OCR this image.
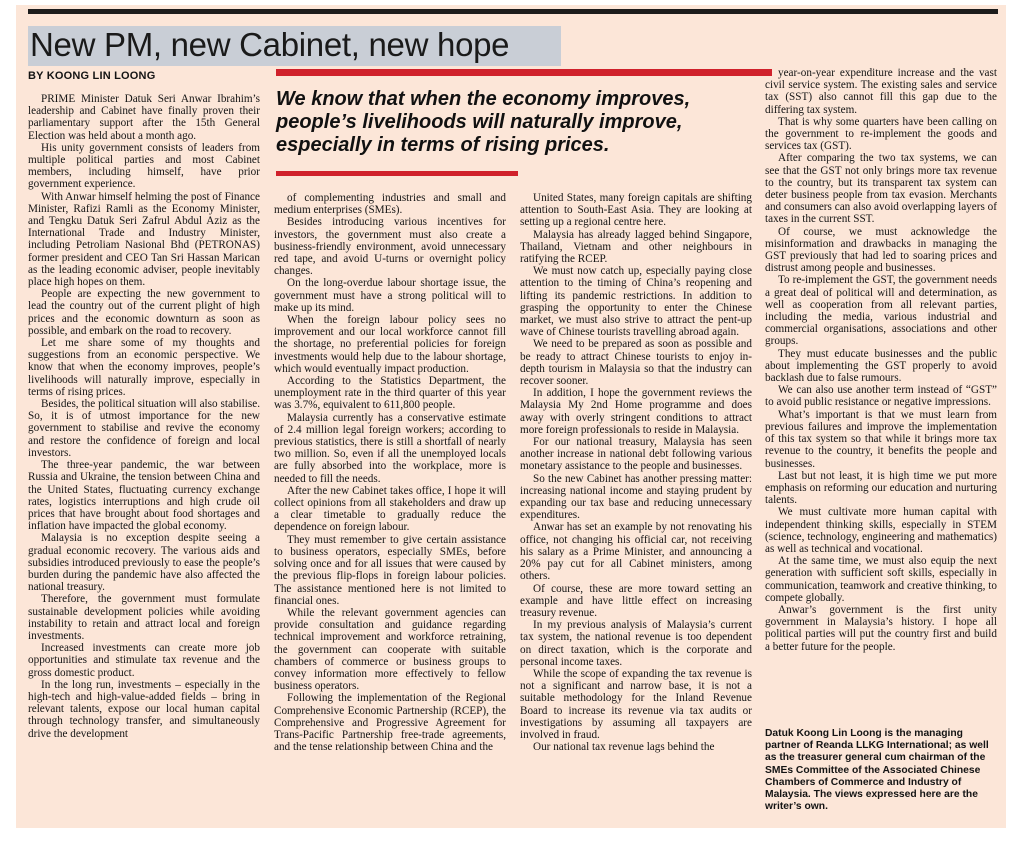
New PM, new Cabinet, new hope
BY KOONG LIN LOONG

We know that when the economy improves, people’s livelihoods will naturally improve, especially in terms of rising prices.

PRIME Minister Datuk Seri Anwar Ibrahim’s leadership and Cabinet have finally proven their parliamentary support after the 15th General Election was held about a month ago.

His unity government consists of leaders from multiple political parties and most Cabinet members, including himself, have prior government experience.

With Anwar himself helming the post of Finance Minister, Rafizi Ramli as the Economy Minister, and Tengku Datuk Seri Zafrul Abdul Aziz as the International Trade and Industry Minister, including Petroliam Nasional Bhd (PETRONAS) former president and CEO Tan Sri Hassan Marican as the leading economic adviser, people inevitably place high hopes on them.

People are expecting the new government to lead the country out of the current plight of high prices and the economic downturn as soon as possible, and embark on the road to recovery.

Let me share some of my thoughts and suggestions from an economic perspective. We know that when the economy improves, people’s livelihoods will naturally improve, especially in terms of rising prices.

Besides, the political situation will also stabilise. So, it is of utmost importance for the new government to stabilise and revive the economy and restore the confidence of foreign and local investors.

The three-year pandemic, the war between Russia and Ukraine, the tension between China and the United States, fluctuating currency exchange rates, logistics interruptions and high crude oil prices that have brought about food shortages and inflation have impacted the global economy.

Malaysia is no exception despite seeing a gradual economic recovery. The various aids and subsidies introduced previously to ease the people’s burden during the pandemic have also affected the national treasury.

Therefore, the government must formulate sustainable development policies while avoiding instability to retain and attract local and foreign investments.

Increased investments can create more job opportunities and stimulate tax revenue and the gross domestic product.

In the long run, investments – especially in the high-tech and high-value-added fields – bring in relevant talents, expose our local human capital through technology transfer, and simultaneously drive the development

of complementing industries and small and medium enterprises (SMEs).

Besides introducing various incentives for investors, the government must also create a business-friendly environment, avoid unnecessary red tape, and avoid U-turns or overnight policy changes.

On the long-overdue labour shortage issue, the government must have a strong political will to make up its mind.

When the foreign labour policy sees no improvement and our local workforce cannot fill the shortage, no preferential policies for foreign investments would help due to the labour shortage, which would eventually impact production.

According to the Statistics Department, the unemployment rate in the third quarter of this year was 3.7%, equivalent to 611,800 people.

Malaysia currently has a conservative estimate of 2.4 million legal foreign workers; according to previous statistics, there is still a shortfall of nearly two million. So, even if all the unemployed locals are fully absorbed into the workplace, more is needed to fill the needs.

After the new Cabinet takes office, I hope it will collect opinions from all stakeholders and draw up a clear timetable to gradually reduce the dependence on foreign labour.

They must remember to give certain assistance to business operators, especially SMEs, before solving once and for all issues that were caused by the previous flip-flops in foreign labour policies. The assistance mentioned here is not limited to financial ones.

While the relevant government agencies can provide consultation and guidance regarding technical improvement and workforce retraining, the government can cooperate with suitable chambers of commerce or business groups to convey information more effectively to fellow business operators.

Following the implementation of the Regional Comprehensive Economic Partnership (RCEP), the Comprehensive and Progressive Agreement for Trans-Pacific Partnership free-trade agreements, and the tense relationship between China and the

United States, many foreign capitals are shifting attention to South-East Asia. They are looking at setting up a regional centre here.

Malaysia has already lagged behind Singapore, Thailand, Vietnam and other neighbours in ratifying the RCEP.

We must now catch up, especially paying close attention to the timing of China’s reopening and lifting its pandemic restrictions. In addition to grasping the opportunity to enter the Chinese market, we must also strive to attract the pent-up wave of Chinese tourists travelling abroad again.

We need to be prepared as soon as possible and be ready to attract Chinese tourists to enjoy in-depth tourism in Malaysia so that the industry can recover sooner.

In addition, I hope the government reviews the Malaysia My 2nd Home programme and does away with overly stringent conditions to attract more foreign professionals to reside in Malaysia.

For our national treasury, Malaysia has seen another increase in national debt following various monetary assistance to the people and businesses.

So the new Cabinet has another pressing matter: increasing national income and staying prudent by expanding our tax base and reducing unnecessary expenditures.

Anwar has set an example by not renovating his office, not changing his official car, not receiving his salary as a Prime Minister, and announcing a 20% pay cut for all Cabinet ministers, among others.

Of course, these are more toward setting an example and have little effect on increasing treasury revenue.

In my previous analysis of Malaysia’s current tax system, the national revenue is too dependent on direct taxation, which is the corporate and personal income taxes.

While the scope of expanding the tax revenue is not a significant and narrow base, it is not a suitable methodology for the Inland Revenue Board to increase its revenue via tax audits or investigations by assuming all taxpayers are involved in fraud.

Our national tax revenue lags behind the

year-on-year expenditure increase and the vast civil service system. The existing sales and service tax (SST) also cannot fill this gap due to the differing tax system.

That is why some quarters have been calling on the government to re-implement the goods and services tax (GST).

After comparing the two tax systems, we can see that the GST not only brings more tax revenue to the country, but its transparent tax system can deter business people from tax evasion. Merchants and consumers can also avoid overlapping layers of taxes in the current SST.

Of course, we must acknowledge the misinformation and drawbacks in managing the GST previously that had led to soaring prices and distrust among people and businesses.

To re-implement the GST, the government needs a great deal of political will and determination, as well as cooperation from all relevant parties, including the media, various industrial and commercial organisations, associations and other groups.

They must educate businesses and the public about implementing the GST properly to avoid backlash due to false rumours.

We can also use another term instead of “GST” to avoid public resistance or negative impressions.

What’s important is that we must learn from previous failures and improve the implementation of this tax system so that while it brings more tax revenue to the country, it benefits the people and businesses.

Last but not least, it is high time we put more emphasis on reforming our education and nurturing talents.

We must cultivate more human capital with independent thinking skills, especially in STEM (science, technology, engineering and mathematics) as well as technical and vocational.

At the same time, we must also equip the next generation with sufficient soft skills, especially in communication, teamwork and creative thinking, to compete globally.

Anwar’s government is the first unity government in Malaysia’s history. I hope all political parties will put the country first and build a better future for the people.

Datuk Koong Lin Loong is the managing partner of Reanda LLKG International; as well as the treasurer general cum chairman of the SMEs Committee of the Associated Chinese Chambers of Commerce and Industry of Malaysia. The views expressed here are the writer’s own.
